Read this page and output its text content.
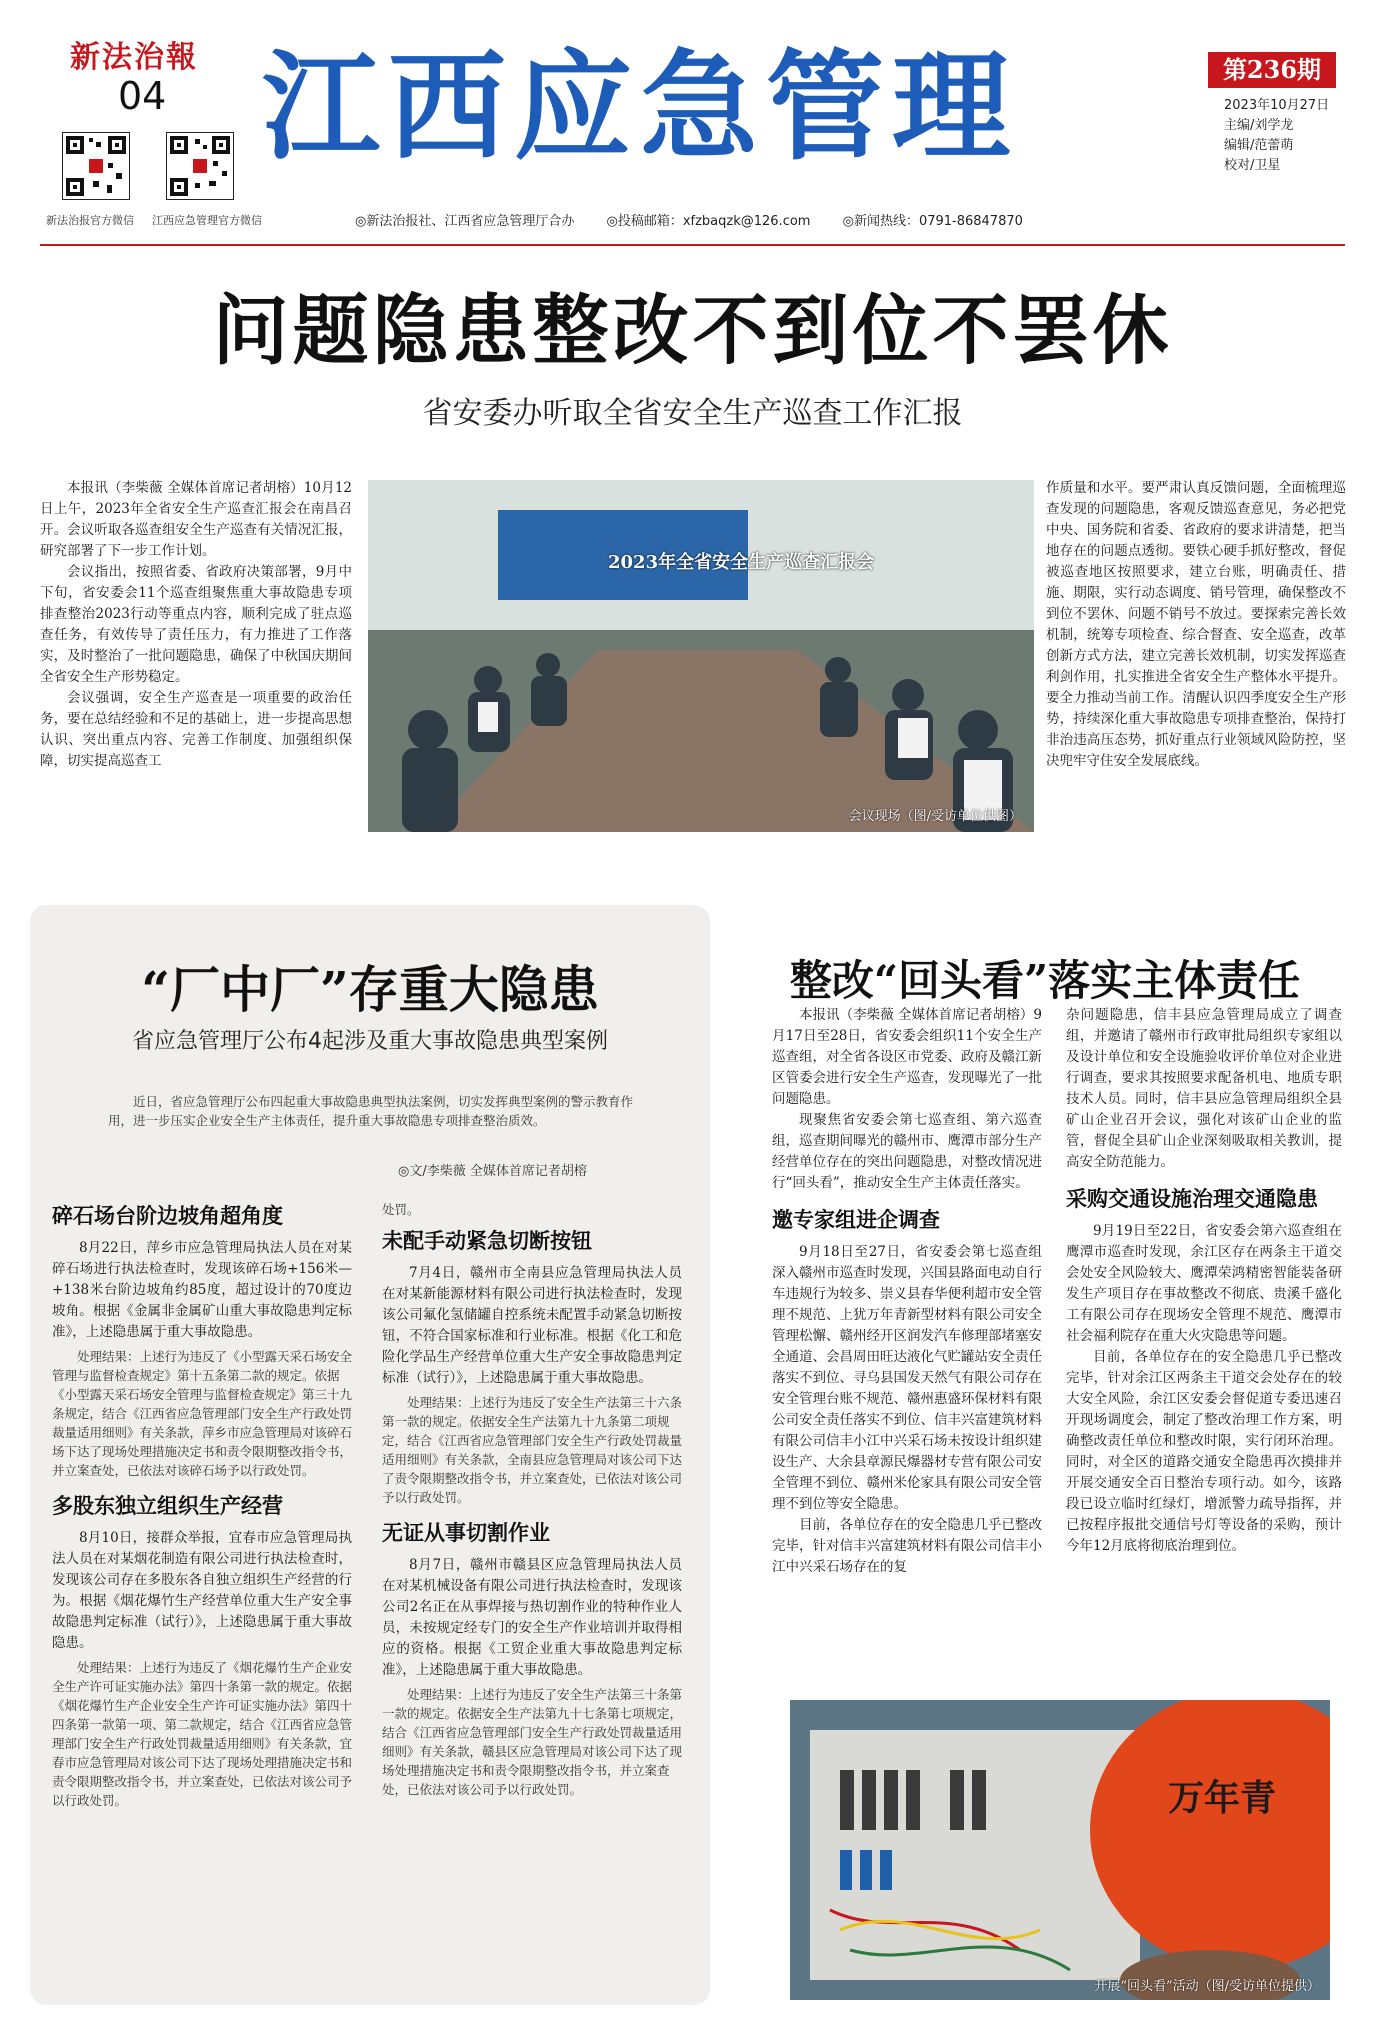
新法治報
04
新法治报官方微信 江西应急管理官方微信
江西应急管理	第236期
2023年10月27日
主编/刘学龙
编辑/范蕾萌
校对/卫星
◎新法治报社、江西省应急管理厅合办 ◎投稿邮箱：xfzbaqzk@126.com ◎新闻热线：0791-86847870
问题隐患整改不到位不罢休
省安委办听取全省安全生产巡查工作汇报

本报讯（李柴薇 全媒体首席记者胡榕）10月12日上午，2023年全省安全生产巡查汇报会在南昌召开。会议听取各巡查组安全生产巡查有关情况汇报，研究部署了下一步工作计划。

会议指出，按照省委、省政府决策部署，9月中下旬，省安委会11个巡查组聚焦重大事故隐患专项排查整治2023行动等重点内容，顺利完成了驻点巡查任务，有效传导了责任压力，有力推进了工作落实，及时整治了一批问题隐患，确保了中秋国庆期间全省安全生产形势稳定。

会议强调，安全生产巡查是一项重要的政治任务，要在总结经验和不足的基础上，进一步提高思想认识、突出重点内容、完善工作制度、加强组织保障，切实提高巡查工

2023年全省安全生产巡查汇报会
会议现场（图/受访单位供图）

作质量和水平。要严肃认真反馈问题，全面梳理巡查发现的问题隐患，客观反馈巡查意见，务必把党中央、国务院和省委、省政府的要求讲清楚，把当地存在的问题点透彻。要铁心硬手抓好整改，督促被巡查地区按照要求，建立台账，明确责任、措施、期限，实行动态调度、销号管理，确保整改不到位不罢休、问题不销号不放过。要探索完善长效机制，统筹专项检查、综合督查、安全巡查，改革创新方式方法，建立完善长效机制，切实发挥巡查利剑作用，扎实推进全省安全生产整体水平提升。要全力推动当前工作。清醒认识四季度安全生产形势，持续深化重大事故隐患专项排查整治，保持打非治违高压态势，抓好重点行业领域风险防控，坚决兜牢守住安全发展底线。

“厂中厂”存重大隐患
省应急管理厅公布4起涉及重大事故隐患典型案例

近日，省应急管理厅公布四起重大事故隐患典型执法案例，切实发挥典型案例的警示教育作用，进一步压实企业安全生产主体责任，提升重大事故隐患专项排查整治质效。

◎文/李柴薇 全媒体首席记者胡榕
碎石场台阶边坡角超角度

8月22日，萍乡市应急管理局执法人员在对某碎石场进行执法检查时，发现该碎石场+156米—+138米台阶边坡角约85度，超过设计的70度边坡角。根据《金属非金属矿山重大事故隐患判定标准》，上述隐患属于重大事故隐患。

处理结果：上述行为违反了《小型露天采石场安全管理与监督检查规定》第十五条第二款的规定。依据《小型露天采石场安全管理与监督检查规定》第三十九条规定，结合《江西省应急管理部门安全生产行政处罚裁量适用细则》有关条款，萍乡市应急管理局对该碎石场下达了现场处理措施决定书和责令限期整改指令书，并立案查处，已依法对该碎石场予以行政处罚。

多股东独立组织生产经营

8月10日，接群众举报，宜春市应急管理局执法人员在对某烟花制造有限公司进行执法检查时，发现该公司存在多股东各自独立组织生产经营的行为。根据《烟花爆竹生产经营单位重大生产安全事故隐患判定标准（试行）》，上述隐患属于重大事故隐患。

处理结果：上述行为违反了《烟花爆竹生产企业安全生产许可证实施办法》第四十条第一款的规定。依据《烟花爆竹生产企业安全生产许可证实施办法》第四十四条第一款第一项、第二款规定，结合《江西省应急管理部门安全生产行政处罚裁量适用细则》有关条款，宜春市应急管理局对该公司下达了现场处理措施决定书和责令限期整改指令书，并立案查处，已依法对该公司予以行政处罚。

处罚。
未配手动紧急切断按钮

7月4日，赣州市全南县应急管理局执法人员在对某新能源材料有限公司进行执法检查时，发现该公司氟化氢储罐自控系统未配置手动紧急切断按钮，不符合国家标准和行业标准。根据《化工和危险化学品生产经营单位重大生产安全事故隐患判定标准（试行）》，上述隐患属于重大事故隐患。

处理结果：上述行为违反了安全生产法第三十六条第一款的规定。依据安全生产法第九十九条第二项规定，结合《江西省应急管理部门安全生产行政处罚裁量适用细则》有关条款，全南县应急管理局对该公司下达了责令限期整改指令书，并立案查处，已依法对该公司予以行政处罚。

无证从事切割作业

8月7日，赣州市赣县区应急管理局执法人员在对某机械设备有限公司进行执法检查时，发现该公司2名正在从事焊接与热切割作业的特种作业人员，未按规定经专门的安全生产作业培训并取得相应的资格。根据《工贸企业重大事故隐患判定标准》，上述隐患属于重大事故隐患。

处理结果：上述行为违反了安全生产法第三十条第一款的规定。依据安全生产法第九十七条第七项规定，结合《江西省应急管理部门安全生产行政处罚裁量适用细则》有关条款，赣县区应急管理局对该公司下达了现场处理措施决定书和责令限期整改指令书，并立案查处，已依法对该公司予以行政处罚。

整改“回头看”落实主体责任

本报讯（李柴薇 全媒体首席记者胡榕）9月17日至28日，省安委会组织11个安全生产巡查组，对全省各设区市党委、政府及赣江新区管委会进行安全生产巡查，发现曝光了一批问题隐患。

现聚焦省安委会第七巡查组、第六巡查组，巡查期间曝光的赣州市、鹰潭市部分生产经营单位存在的突出问题隐患，对整改情况进行“回头看”，推动安全生产主体责任落实。

邀专家组进企调查

9月18日至27日，省安委会第七巡查组深入赣州市巡查时发现，兴国县路面电动自行车违规行为较多、崇义县春华便利超市安全管理不规范、上犹万年青新型材料有限公司安全管理松懈、赣州经开区润发汽车修理部堵塞安全通道、会昌周田旺达液化气贮罐站安全责任落实不到位、寻乌县国发天然气有限公司存在安全管理台账不规范、赣州惠盛环保材料有限公司安全责任落实不到位、信丰兴富建筑材料有限公司信丰小江中兴采石场未按设计组织建设生产、大余县章源民爆器材专营有限公司安全管理不到位、赣州米伦家具有限公司安全管理不到位等安全隐患。

目前，各单位存在的安全隐患几乎已整改完毕，针对信丰兴富建筑材料有限公司信丰小江中兴采石场存在的复

杂问题隐患，信丰县应急管理局成立了调查组，并邀请了赣州市行政审批局组织专家组以及设计单位和安全设施验收评价单位对企业进行调查，要求其按照要求配备机电、地质专职技术人员。同时，信丰县应急管理局组织全县矿山企业召开会议，强化对该矿山企业的监管，督促全县矿山企业深刻吸取相关教训，提高安全防范能力。

采购交通设施治理交通隐患

9月19日至22日，省安委会第六巡查组在鹰潭市巡查时发现，余江区存在两条主干道交会处安全风险较大、鹰潭荣鸿精密智能装备研发生产项目存在事故整改不彻底、贵溪千盛化工有限公司存在现场安全管理不规范、鹰潭市社会福利院存在重大火灾隐患等问题。

目前，各单位存在的安全隐患几乎已整改完毕，针对余江区两条主干道交会处存在的较大安全风险，余江区安委会督促道专委迅速召开现场调度会，制定了整改治理工作方案，明确整改责任单位和整改时限，实行闭环治理。同时，对全区的道路交通安全隐患再次摸排并开展交通安全百日整治专项行动。如今，该路段已设立临时红绿灯，增派警力疏导指挥，并已按程序报批交通信号灯等设备的采购，预计今年12月底将彻底治理到位。

万年青
开展“回头看”活动（图/受访单位提供）
